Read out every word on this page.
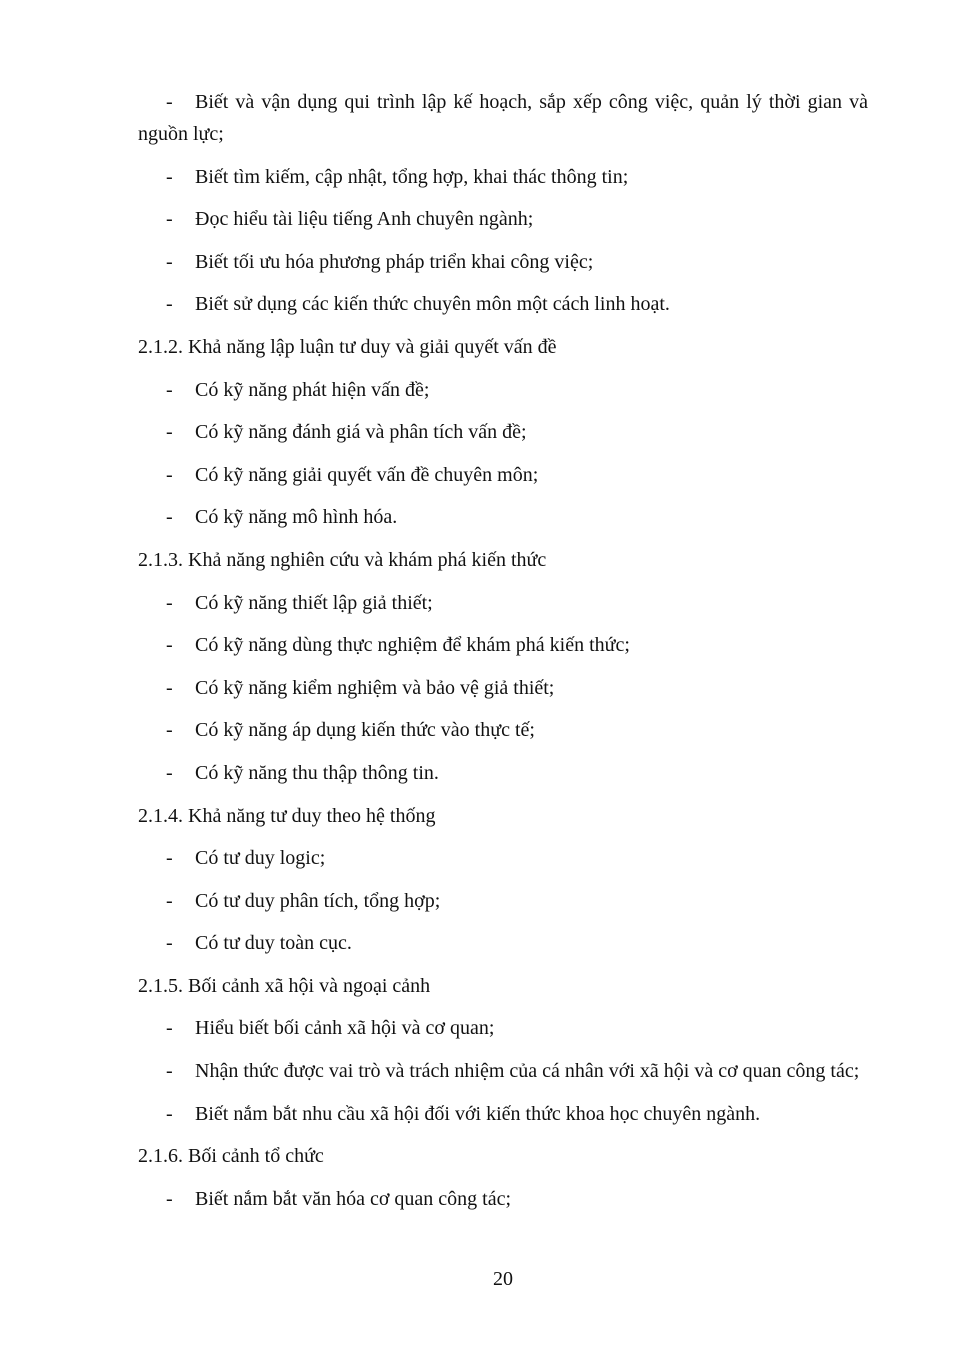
- Biết và vận dụng qui trình lập kế hoạch, sắp xếp công việc, quản lý thời gian và nguồn lực;
- Biết tìm kiếm, cập nhật, tổng hợp, khai thác thông tin;
- Đọc hiểu tài liệu tiếng Anh chuyên ngành;
- Biết tối ưu hóa phương pháp triển khai công việc;
- Biết sử dụng các kiến thức chuyên môn một cách linh hoạt.
2.1.2. Khả năng lập luận tư duy và giải quyết vấn đề
- Có kỹ năng phát hiện vấn đề;
- Có kỹ năng đánh giá và phân tích vấn đề;
- Có kỹ năng giải quyết vấn đề chuyên môn;
- Có kỹ năng mô hình hóa.
2.1.3. Khả năng nghiên cứu và khám phá kiến thức
- Có kỹ năng thiết lập giả thiết;
- Có kỹ năng dùng thực nghiệm để khám phá kiến thức;
- Có kỹ năng kiểm nghiệm và bảo vệ giả thiết;
- Có kỹ năng áp dụng kiến thức vào thực tế;
- Có kỹ năng thu thập thông tin.
2.1.4. Khả năng tư duy theo hệ thống
- Có tư duy logic;
- Có tư duy phân tích, tổng hợp;
- Có tư duy toàn cục.
2.1.5. Bối cảnh xã hội và ngoại cảnh
- Hiểu biết bối cảnh xã hội và cơ quan;
- Nhận thức được vai trò và trách nhiệm của cá nhân với xã hội và cơ quan công tác;
- Biết nắm bắt nhu cầu xã hội đối với kiến thức khoa học chuyên ngành.
2.1.6. Bối cảnh tổ chức
- Biết nắm bắt văn hóa cơ quan công tác;
20
